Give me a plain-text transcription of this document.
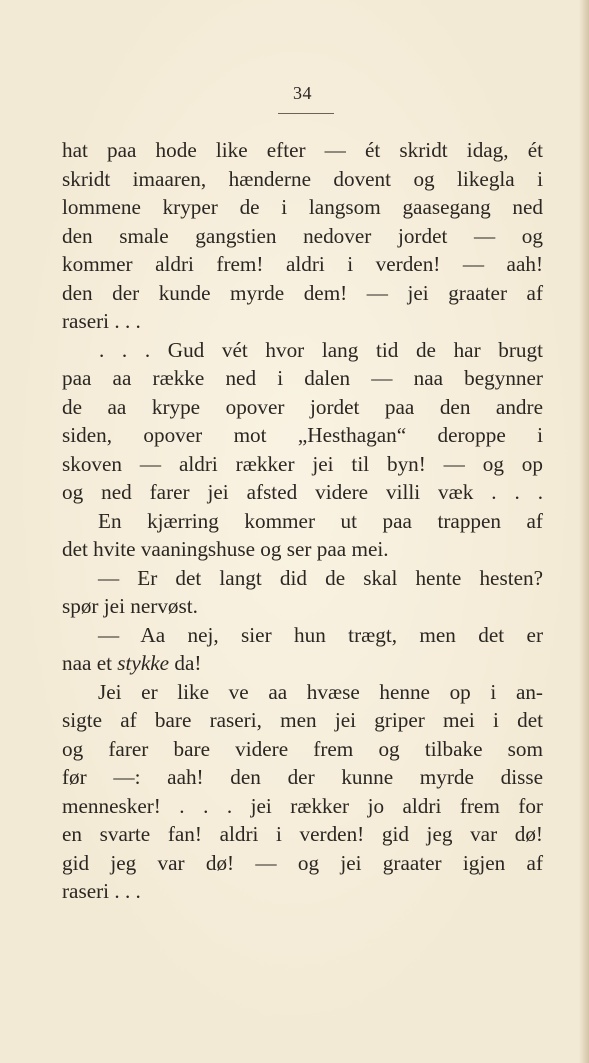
34
hat paa hode like efter — ét skridt idag, ét
skridt imaaren, hænderne dovent og likegla i
lommene kryper de i langsom gaasegang ned
den smale gangstien nedover jordet — og
kommer aldri frem! aldri i verden! — aah!
den der kunde myrde dem! — jei graater af
raseri . . .
. . . Gud vét hvor lang tid de har brugt
paa aa række ned i dalen — naa begynner
de aa krype opover jordet paa den andre
siden, opover mot „Hesthagan“ deroppe i
skoven — aldri rækker jei til byn! — og op
og ned farer jei afsted videre villi væk . . .
En kjærring kommer ut paa trappen af
det hvite vaaningshuse og ser paa mei.
— Er det langt did de skal hente hesten?
spør jei nervøst.
— Aa nej, sier hun trægt, men det er
naa et stykke da!
Jei er like ve aa hvæse henne op i an-
sigte af bare raseri, men jei griper mei i det
og farer bare videre frem og tilbake som
før —: aah! den der kunne myrde disse
mennesker! . . . jei rækker jo aldri frem for
en svarte fan! aldri i verden! gid jeg var dø!
gid jeg var dø! — og jei graater igjen af
raseri . . .
